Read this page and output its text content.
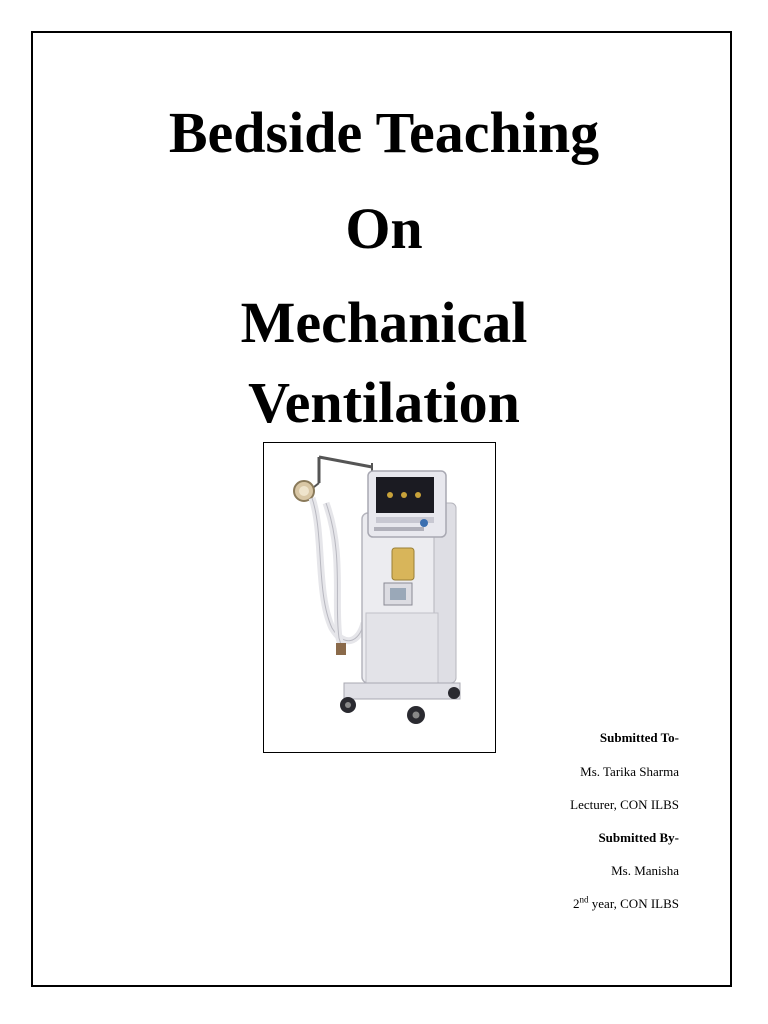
Bedside Teaching
On
Mechanical
Ventilation
Submitted To-
Ms. Tarika Sharma
Lecturer, CON ILBS
Submitted By-
Ms. Manisha
2nd year, CON ILBS
